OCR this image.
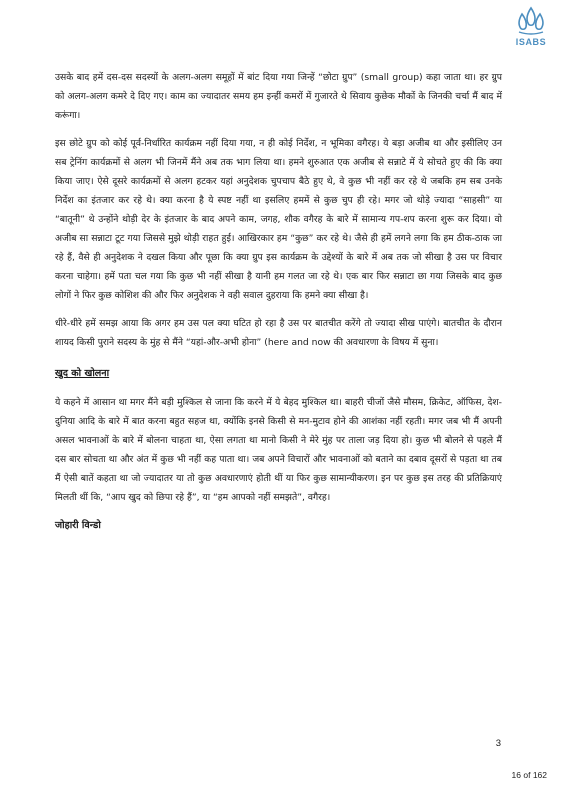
ISABS

उसके बाद हमें दस-दस सदस्यों के अलग-अलग समूहों में बांट दिया गया जिन्हें “छोटा ग्रुप” (small group) कहा जाता था। हर ग्रुप को अलग-अलग कमरे दे दिए गए। काम का ज्यादातर समय हम इन्हीं कमरों में गुजारते थे सिवाय कुछेक मौकों के जिनकी चर्चा मैं बाद में करूंगा।

इस छोटे ग्रुप को कोई पूर्व-निर्धारित कार्यक्रम नहीं दिया गया, न ही कोई निर्देश, न भूमिका वगैरह। ये बड़ा अजीब था और इसीलिए उन सब ट्रेनिंग कार्यक्रमों से अलग भी जिनमें मैंने अब तक भाग लिया था। हमने शुरुआत एक अजीब से सन्नाटे में ये सोचते हुए की कि क्या किया जाए। ऐसे दूसरे कार्यक्रमों से अलग हटकर यहां अनुदेशक चुपचाप बैठे हुए थे, वे कुछ भी नहीं कर रहे थे जबकि हम सब उनके निर्देश का इंतजार कर रहे थे। क्या करना है ये स्पष्ट नहीं था इसलिए हममें से कुछ चुप ही रहे। मगर जो थोड़े ज्यादा “साहसी” या “बातूनी” थे उन्होंने थोड़ी देर के इंतजार के बाद अपने काम, जगह, शौक वगैरह के बारे में सामान्य गप-शप करना शुरू कर दिया। वो अजीब सा सन्नाटा टूट गया जिससे मुझे थोड़ी राहत हुई। आखिरकार हम “कुछ” कर रहे थे। जैसे ही हमें लगने लगा कि हम ठीक-ठाक जा रहे हैं, वैसे ही अनुदेशक ने दखल किया और पूछा कि क्या ग्रुप इस कार्यक्रम के उद्देश्यों के बारे में अब तक जो सीखा है उस पर विचार करना चाहेगा। हमें पता चल गया कि कुछ भी नहीं सीखा है यानी हम गलत जा रहे थे। एक बार फिर सन्नाटा छा गया जिसके बाद कुछ लोगों ने फिर कुछ कोशिश की और फिर अनुदेशक ने वही सवाल दुहराया कि हमने क्या सीखा है।

धीरे-धीरे हमें समझ आया कि अगर हम उस पल क्या घटित हो रहा है उस पर बातचीत करेंगे तो ज्यादा सीख पाएंगे। बातचीत के दौरान शायद किसी पुराने सदस्य के मुंह से मैंने “यहां-और-अभी होना” (here and now की अवधारणा के विषय में सुना।

खुद को खोलना

ये कहने में आसान था मगर मैंने बड़ी मुश्किल से जाना कि करने में ये बेहद मुश्किल था। बाहरी चीजों जैसे मौसम, क्रिकेट, ऑफिस, देश-दुनिया आदि के बारे में बात करना बहुत सहज था, क्योंकि इनसे किसी से मन-मुटाव होने की आशंका नहीं रहती। मगर जब भी मैं अपनी असल भावनाओं के बारे में बोलना चाहता था, ऐसा लगता था मानो किसी ने मेरे मुंह पर ताला जड़ दिया हो। कुछ भी बोलने से पहले मैं दस बार सोचता था और अंत में कुछ भी नहीं कह पाता था। जब अपने विचारों और भावनाओं को बताने का दबाव दूसरों से पड़ता था तब मैं ऐसी बातें कहता था जो ज्यादातर या तो कुछ अवधारणाएं होती थीं या फिर कुछ सामान्यीकरण। इन पर कुछ इस तरह की प्रतिक्रियाएं मिलती थीं कि, “आप खुद को छिपा रहे हैं”, या “हम आपको नहीं समझते”, वगैरह।

जोहारी विन्डो
3
16 of 162
